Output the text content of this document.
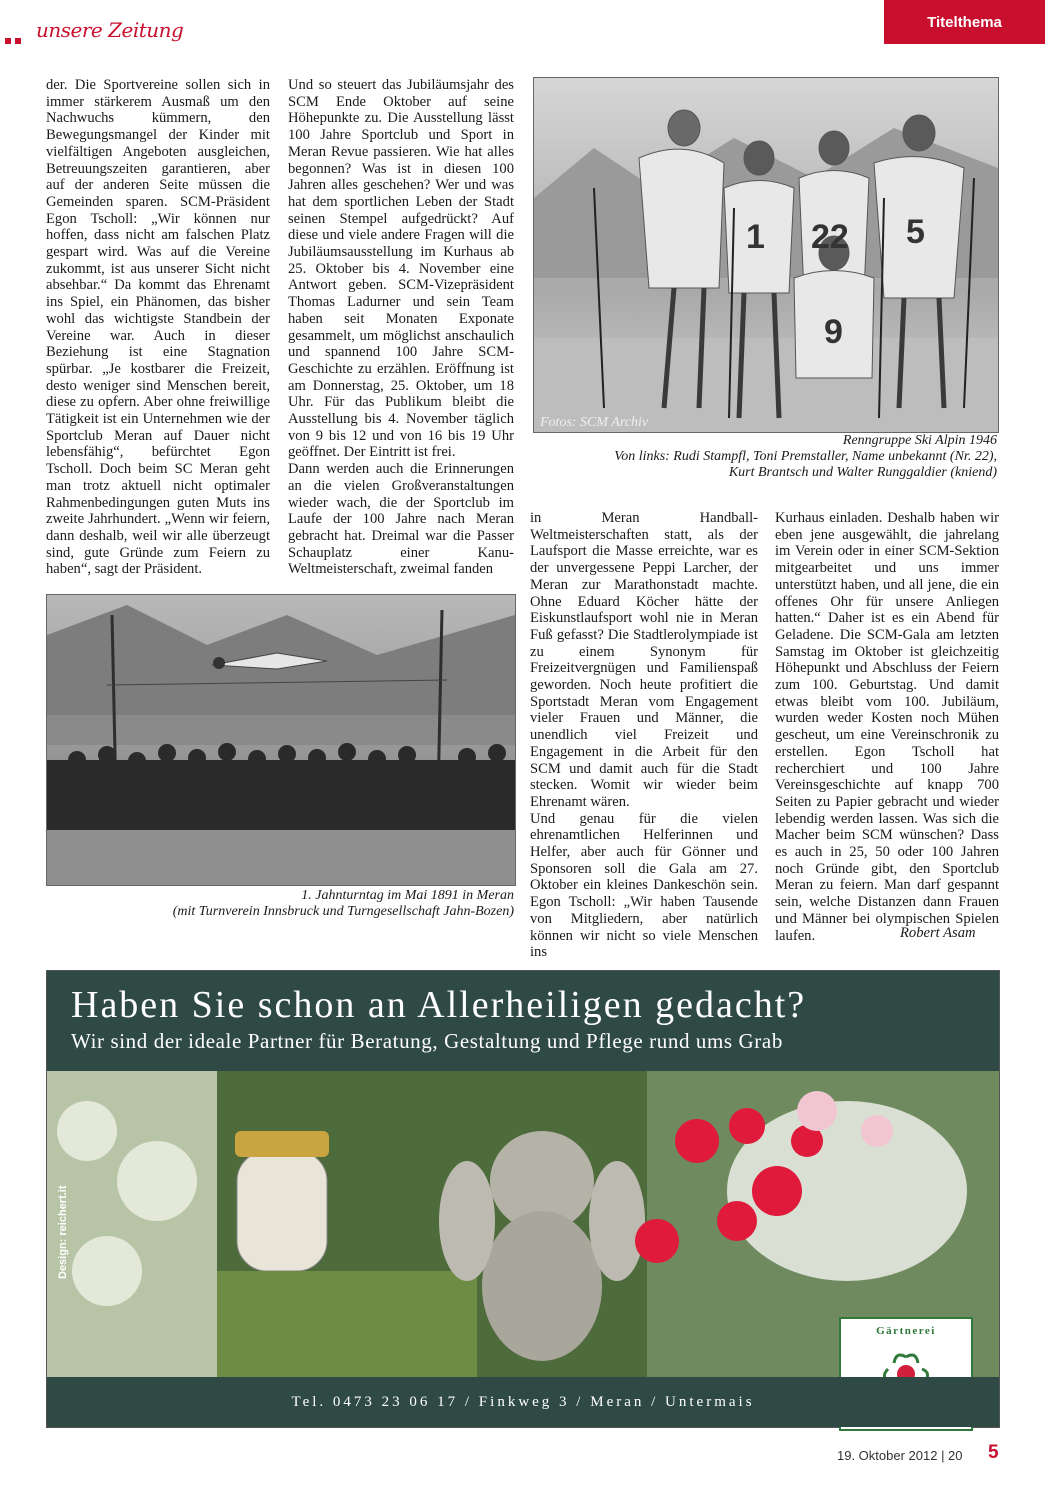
unsere Zeitung	Titelthema
der. Die Sportvereine sollen sich in immer stärkerem Ausmaß um den Nachwuchs kümmern, den Bewegungsmangel der Kinder mit vielfältigen Angeboten ausgleichen, Betreuungszeiten garantieren, aber auf der anderen Seite müssen die Gemeinden sparen. SCM-Präsident Egon Tscholl: „Wir können nur hoffen, dass nicht am falschen Platz gespart wird. Was auf die Vereine zukommt, ist aus unserer Sicht nicht absehbar.“ Da kommt das Ehrenamt ins Spiel, ein Phänomen, das bisher wohl das wichtigste Standbein der Vereine war. Auch in dieser Beziehung ist eine Stagnation spürbar. „Je kostbarer die Freizeit, desto weniger sind Menschen bereit, diese zu opfern. Aber ohne freiwillige Tätigkeit ist ein Unternehmen wie der Sportclub Meran auf Dauer nicht lebensfähig“, befürchtet Egon Tscholl. Doch beim SC Meran geht man trotz aktuell nicht optimaler Rahmenbedingungen guten Muts ins zweite Jahrhundert. „Wenn wir feiern, dann deshalb, weil wir alle überzeugt sind, gute Gründe zum Feiern zu haben“, sagt der Präsident.
Und so steuert das Jubiläumsjahr des SCM Ende Oktober auf seine Höhepunkte zu. Die Ausstellung lässt 100 Jahre Sportclub und Sport in Meran Revue passieren. Wie hat alles begonnen? Was ist in diesen 100 Jahren alles geschehen? Wer und was hat dem sportlichen Leben der Stadt seinen Stempel aufgedrückt? Auf diese und viele andere Fragen will die Jubiläumsausstellung im Kurhaus ab 25. Oktober bis 4. November eine Antwort geben. SCM-Vizepräsident Thomas Ladurner und sein Team haben seit Monaten Exponate gesammelt, um möglichst anschaulich und spannend 100 Jahre SCM-Geschichte zu erzählen. Eröffnung ist am Donnerstag, 25. Oktober, um 18 Uhr. Für das Publikum bleibt die Ausstellung bis 4. November täglich von 9 bis 12 und von 16 bis 19 Uhr geöffnet. Der Eintritt ist frei.
Dann werden auch die Erinnerungen an die vielen Großveranstaltungen wieder wach, die der Sportclub im Laufe der 100 Jahre nach Meran gebracht hat. Dreimal war die Passer Schauplatz einer Kanu-Weltmeisterschaft, zweimal fanden
in Meran Handball-Weltmeisterschaften statt, als der Laufsport die Masse erreichte, war es der unvergessene Peppi Larcher, der Meran zur Marathonstadt machte. Ohne Eduard Köcher hätte der Eiskunstlaufsport wohl nie in Meran Fuß gefasst? Die Stadtlerolympiade ist zu einem Synonym für Freizeitvergnügen und Familienspaß geworden. Noch heute profitiert die Sportstadt Meran vom Engagement vieler Frauen und Männer, die unendlich viel Freizeit und Engagement in die Arbeit für den SCM und damit auch für die Stadt stecken. Womit wir wieder beim Ehrenamt wären.
Und genau für die vielen ehrenamtlichen Helferinnen und Helfer, aber auch für Gönner und Sponsoren soll die Gala am 27. Oktober ein kleines Dankeschön sein. Egon Tscholl: „Wir haben Tausende von Mitgliedern, aber natürlich können wir nicht so viele Menschen ins
Kurhaus einladen. Deshalb haben wir eben jene ausgewählt, die jahrelang im Verein oder in einer SCM-Sektion mitgearbeitet und uns immer unterstützt haben, und all jene, die ein offenes Ohr für unsere Anliegen hatten.“ Daher ist es ein Abend für Geladene. Die SCM-Gala am letzten Samstag im Oktober ist gleichzeitig Höhepunkt und Abschluss der Feiern zum 100. Geburtstag. Und damit etwas bleibt vom 100. Jubiläum, wurden weder Kosten noch Mühen gescheut, um eine Vereinschronik zu erstellen. Egon Tscholl hat recherchiert und 100 Jahre Vereinsgeschichte auf knapp 700 Seiten zu Papier gebracht und wieder lebendig werden lassen. Was sich die Macher beim SCM wünschen? Dass es auch in 25, 50 oder 100 Jahren noch Gründe gibt, den Sportclub Meran zu feiern. Man darf gespannt sein, welche Distanzen dann Frauen und Männer bei olympischen Spielen laufen.	Robert Asam
1 22 5
9
Fotos: SCM Archiv
Renngruppe Ski Alpin 1946
Von links: Rudi Stampfl, Toni Premstaller, Name unbekannt (Nr. 22),
Kurt Brantsch und Walter Runggaldier (kniend)
1. Jahnturntag im Mai 1891 in Meran
(mit Turnverein Innsbruck und Turngesellschaft Jahn-Bozen)
Haben Sie schon an Allerheiligen gedacht?
Wir sind der ideale Partner für Beratung, Gestaltung und Pflege rund ums Grab
Design: reichert.it
Gärtnerei
Tel. 0473 23 06 17 / Finkweg 3 / Meran / Untermais
19. Oktober 2012 | 20 5
